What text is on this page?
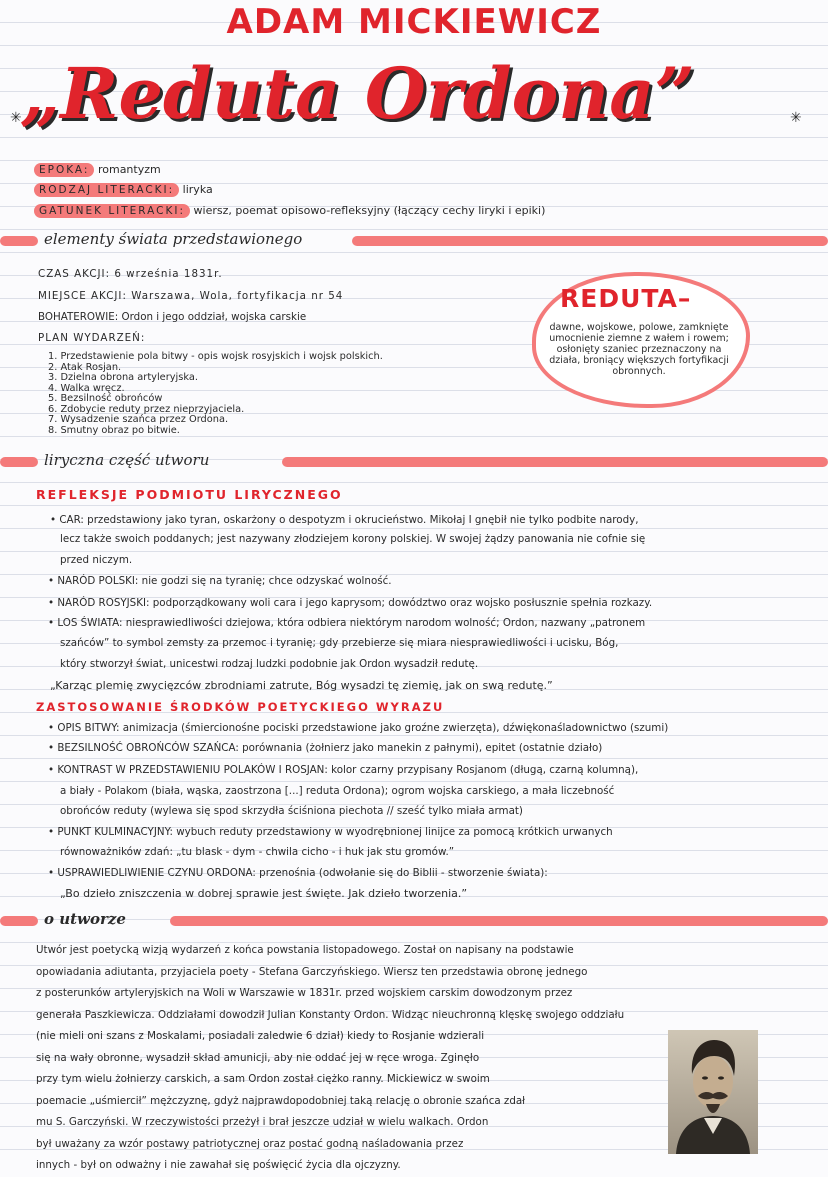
ADAM MICKIEWICZ
„Reduta Ordona”
✳	✳
EPOKA: romantyzm
RODZAJ LITERACKI: liryka
GATUNEK LITERACKI: wiersz, poemat opisowo-refleksyjny (łączący cechy liryki i epiki)
elementy świata przedstawionego
CZAS AKCJI: 6 września 1831r.
MIEJSCE AKCJI: Warszawa, Wola, fortyfikacja nr 54
BOHATEROWIE: Ordon i jego oddział, wojska carskie
PLAN WYDARZEŃ:
1. Przedstawienie pola bitwy - opis wojsk rosyjskich i wojsk polskich.
2. Atak Rosjan.
3. Dzielna obrona artyleryjska.
4. Walka wręcz.
5. Bezsilność obrońców
6. Zdobycie reduty przez nieprzyjaciela.
7. Wysadzenie szańca przez Ordona.
8. Smutny obraz po bitwie.
REDUTA–
dawne, wojskowe, polowe, zamknięte umocnienie ziemne z wałem i rowem; osłonięty szaniec przeznaczony na działa, broniący większych fortyfikacji obronnych.
liryczna część utworu
REFLEKSJE PODMIOTU LIRYCZNEGO
• CAR: przedstawiony jako tyran, oskarżony o despotyzm i okrucieństwo. Mikołaj I gnębił nie tylko podbite narody,
lecz także swoich poddanych; jest nazywany złodziejem korony polskiej. W swojej żądzy panowania nie cofnie się
przed niczym.
• NARÓD POLSKI: nie godzi się na tyranię; chce odzyskać wolność.
• NARÓD ROSYJSKI: podporządkowany woli cara i jego kaprysom; dowództwo oraz wojsko posłusznie spełnia rozkazy.
• LOS ŚWIATA: niesprawiedliwości dziejowa, która odbiera niektórym narodom wolność; Ordon, nazwany „patronem
szańców” to symbol zemsty za przemoc i tyranię; gdy przebierze się miara niesprawiedliwości i ucisku, Bóg,
który stworzył świat, unicestwi rodzaj ludzki podobnie jak Ordon wysadził redutę.
„Karząc plemię zwycięzców zbrodniami zatrute, Bóg wysadzi tę ziemię, jak on swą redutę.”
ZASTOSOWANIE ŚRODKÓW POETYCKIEGO WYRAZU
• OPIS BITWY: animizacja (śmiercionośne pociski przedstawione jako groźne zwierzęta), dźwiękonaśladownictwo (szumi)
• BEZSILNOŚĆ OBROŃCÓW SZAŃCA: porównania (żołnierz jako manekin z pałnymi), epitet (ostatnie działo)
• KONTRAST W PRZEDSTAWIENIU POLAKÓW I ROSJAN: kolor czarny przypisany Rosjanom (długą, czarną kolumną),
a biały - Polakom (biała, wąska, zaostrzona [...] reduta Ordona); ogrom wojska carskiego, a mała liczebność
obrońców reduty (wylewa się spod skrzydła ściśniona piechota // sześć tylko miała armat)
• PUNKT KULMINACYJNY: wybuch reduty przedstawiony w wyodrębnionej linijce za pomocą krótkich urwanych
równoważników zdań: „tu blask - dym - chwila cicho - i huk jak stu gromów.”
• USPRAWIEDLIWIENIE CZYNU ORDONA: przenośnia (odwołanie się do Biblii - stworzenie świata):
„Bo dzieło zniszczenia w dobrej sprawie jest święte. Jak dzieło tworzenia.”
o utworze
Utwór jest poetycką wizją wydarzeń z końca powstania listopadowego. Został on napisany na podstawie
opowiadania adiutanta, przyjaciela poety - Stefana Garczyńskiego. Wiersz ten przedstawia obronę jednego
z posterunków artyleryjskich na Woli w Warszawie w 1831r. przed wojskiem carskim dowodzonym przez
generała Paszkiewicza. Oddziałami dowodził Julian Konstanty Ordon. Widząc nieuchronną klęskę swojego oddziału
(nie mieli oni szans z Moskalami, posiadali zaledwie 6 dział) kiedy to Rosjanie wdzierali
się na wały obronne, wysadził skład amunicji, aby nie oddać jej w ręce wroga. Zginęło
przy tym wielu żołnierzy carskich, a sam Ordon został ciężko ranny. Mickiewicz w swoim
poemacie „uśmiercił” mężczyznę, gdyż najprawdopodobniej taką relację o obronie szańca zdał
mu S. Garczyński. W rzeczywistości przeżył i brał jeszcze udział w wielu walkach. Ordon
był uważany za wzór postawy patriotycznej oraz postać godną naśladowania przez
innych - był on odważny i nie zawahał się poświęcić życia dla ojczyzny.
